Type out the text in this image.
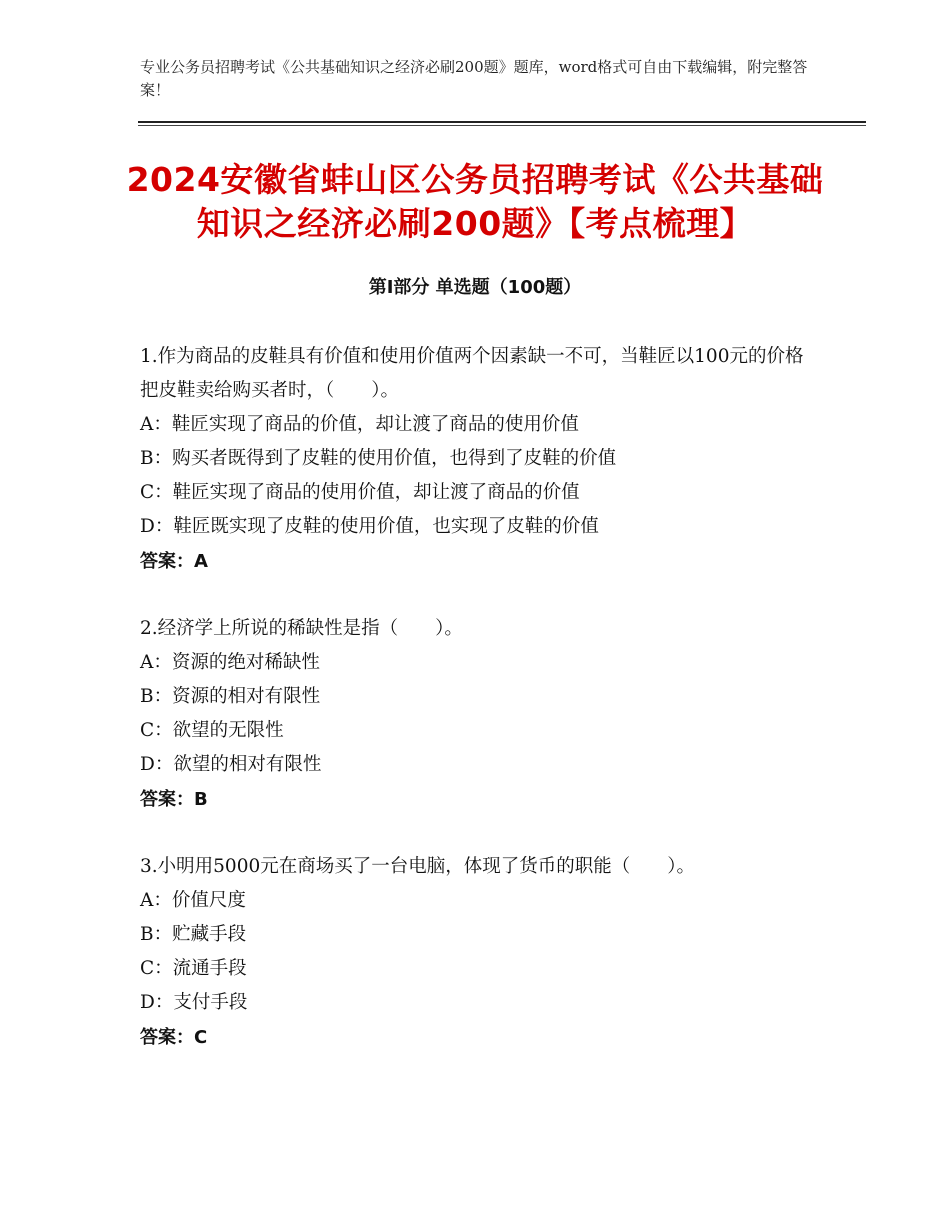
专业公务员招聘考试《公共基础知识之经济必刷200题》题库，word格式可自由下载编辑，附完整答案！
2024安徽省蚌山区公务员招聘考试《公共基础知识之经济必刷200题》【考点梳理】
第Ⅰ部分 单选题（100题）

1.作为商品的皮鞋具有价值和使用价值两个因素缺一不可，当鞋匠以100元的价格把皮鞋卖给购买者时，（　　）。

A：鞋匠实现了商品的价值，却让渡了商品的使用价值

B：购买者既得到了皮鞋的使用价值，也得到了皮鞋的价值

C：鞋匠实现了商品的使用价值，却让渡了商品的价值

D：鞋匠既实现了皮鞋的使用价值，也实现了皮鞋的价值

答案：A

2.经济学上所说的稀缺性是指（　　）。

A：资源的绝对稀缺性

B：资源的相对有限性

C：欲望的无限性

D：欲望的相对有限性

答案：B

3.小明用5000元在商场买了一台电脑，体现了货币的职能（　　）。

A：价值尺度

B：贮藏手段

C：流通手段

D：支付手段

答案：C
